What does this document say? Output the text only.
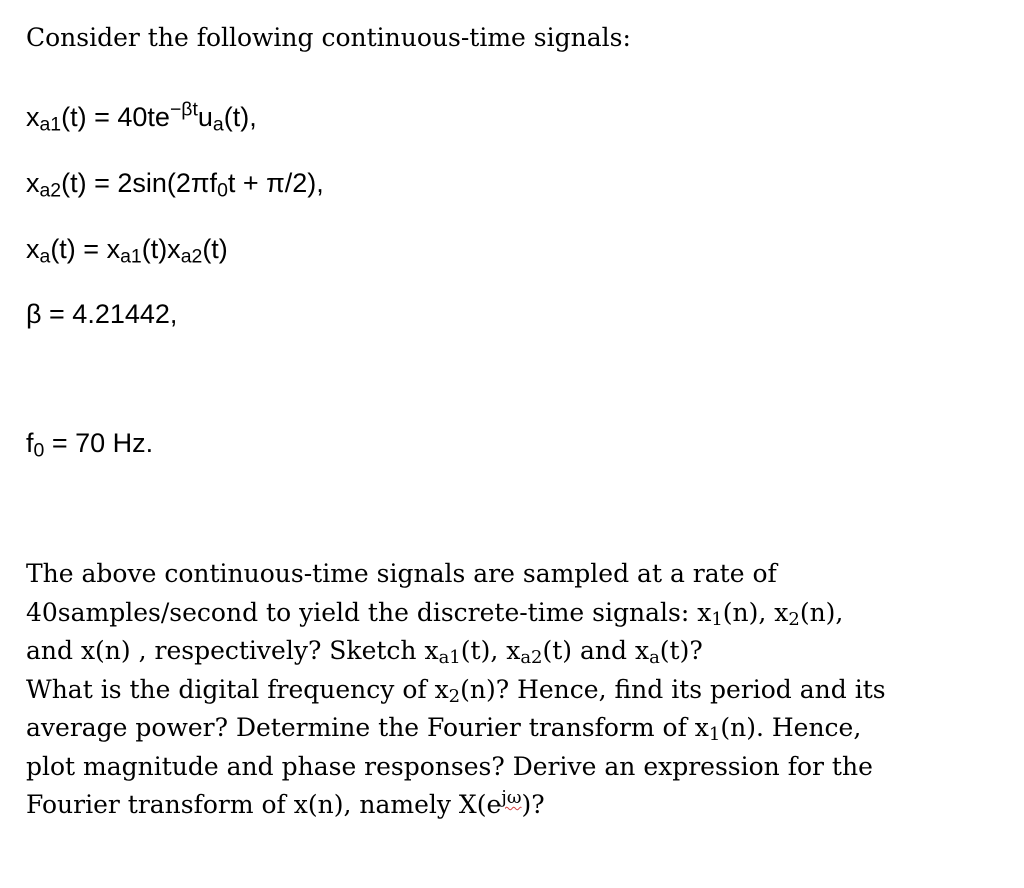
Consider the following continuous-time signals:
$x_{a1}(t) = 40te^{-\beta t}u_a(t)$,
$x_{a2}(t) = 2\sin(2\pi f_0t + \pi/2)$,
$x_a(t) = x_{a1}(t)x_{a2}(t)$
β = 4.21442,
$f_0 = 70$ Hz.
The above continuous-time signals are sampled at a rate of
40samples/second to yield the discrete-time signals: $x_1(n)$, $x_2(n)$,
and x(n) , respectively? Sketch $x_{a1}(t)$, $x_{a2}(t)$ and $x_a(t)$?
What is the digital frequency of $x_2(n)$? Hence, find its period and its
average power? Determine the Fourier transform of $x_1(n)$. Hence,
plot magnitude and phase responses? Derive an expression for the
Fourier transform of x(n), namely $X(e^{j\omega})$?
